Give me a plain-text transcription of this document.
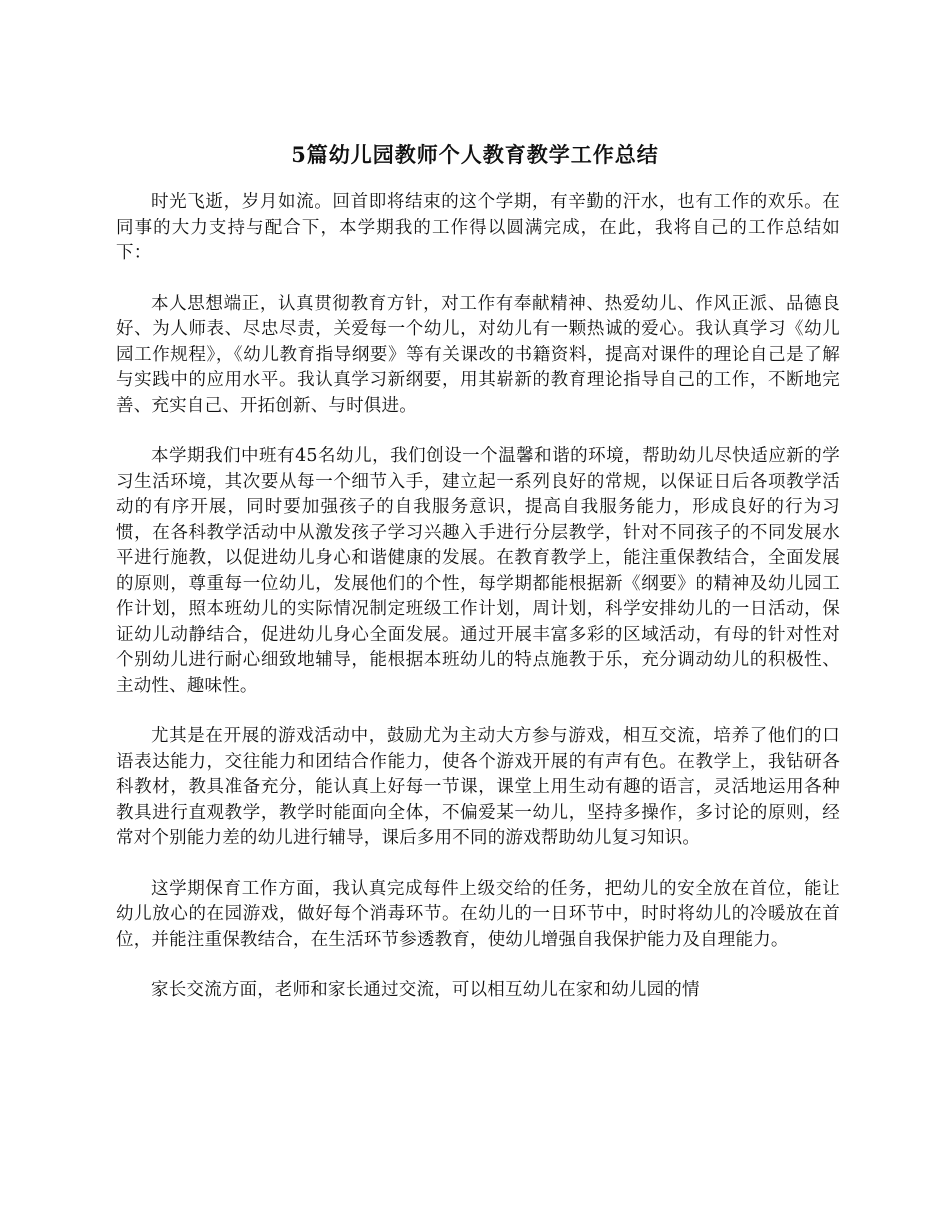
5篇幼儿园教师个人教育教学工作总结

时光飞逝，岁月如流。回首即将结束的这个学期，有辛勤的汗水，也有工作的欢乐。在同事的大力支持与配合下，本学期我的工作得以圆满完成，在此，我将自己的工作总结如下：

本人思想端正，认真贯彻教育方针，对工作有奉献精神、热爱幼儿、作风正派、品德良好、为人师表、尽忠尽责，关爱每一个幼儿，对幼儿有一颗热诚的爱心。我认真学习《幼儿园工作规程》，《幼儿教育指导纲要》等有关课改的书籍资料，提高对课件的理论自己是了解与实践中的应用水平。我认真学习新纲要，用其崭新的教育理论指导自己的工作，不断地完善、充实自己、开拓创新、与时俱进。

本学期我们中班有45名幼儿，我们创设一个温馨和谐的环境，帮助幼儿尽快适应新的学习生活环境，其次要从每一个细节入手，建立起一系列良好的常规，以保证日后各项教学活动的有序开展，同时要加强孩子的自我服务意识，提高自我服务能力，形成良好的行为习惯，在各科教学活动中从激发孩子学习兴趣入手进行分层教学，针对不同孩子的不同发展水平进行施教，以促进幼儿身心和谐健康的发展。在教育教学上，能注重保教结合，全面发展的原则，尊重每一位幼儿，发展他们的个性，每学期都能根据新《纲要》的精神及幼儿园工作计划，照本班幼儿的实际情况制定班级工作计划，周计划，科学安排幼儿的一日活动，保证幼儿动静结合，促进幼儿身心全面发展。通过开展丰富多彩的区域活动，有母的针对性对个别幼儿进行耐心细致地辅导，能根据本班幼儿的特点施教于乐，充分调动幼儿的积极性、主动性、趣味性。

尤其是在开展的游戏活动中，鼓励尤为主动大方参与游戏，相互交流，培养了他们的口语表达能力，交往能力和团结合作能力，使各个游戏开展的有声有色。在教学上，我钻研各科教材，教具准备充分，能认真上好每一节课，课堂上用生动有趣的语言，灵活地运用各种教具进行直观教学，教学时能面向全体，不偏爱某一幼儿，坚持多操作，多讨论的原则，经常对个别能力差的幼儿进行辅导，课后多用不同的游戏帮助幼儿复习知识。

这学期保育工作方面，我认真完成每件上级交给的任务，把幼儿的安全放在首位，能让幼儿放心的在园游戏，做好每个消毒环节。在幼儿的一日环节中，时时将幼儿的冷暖放在首位，并能注重保教结合，在生活环节参透教育，使幼儿增强自我保护能力及自理能力。

家长交流方面，老师和家长通过交流，可以相互幼儿在家和幼儿园的情
